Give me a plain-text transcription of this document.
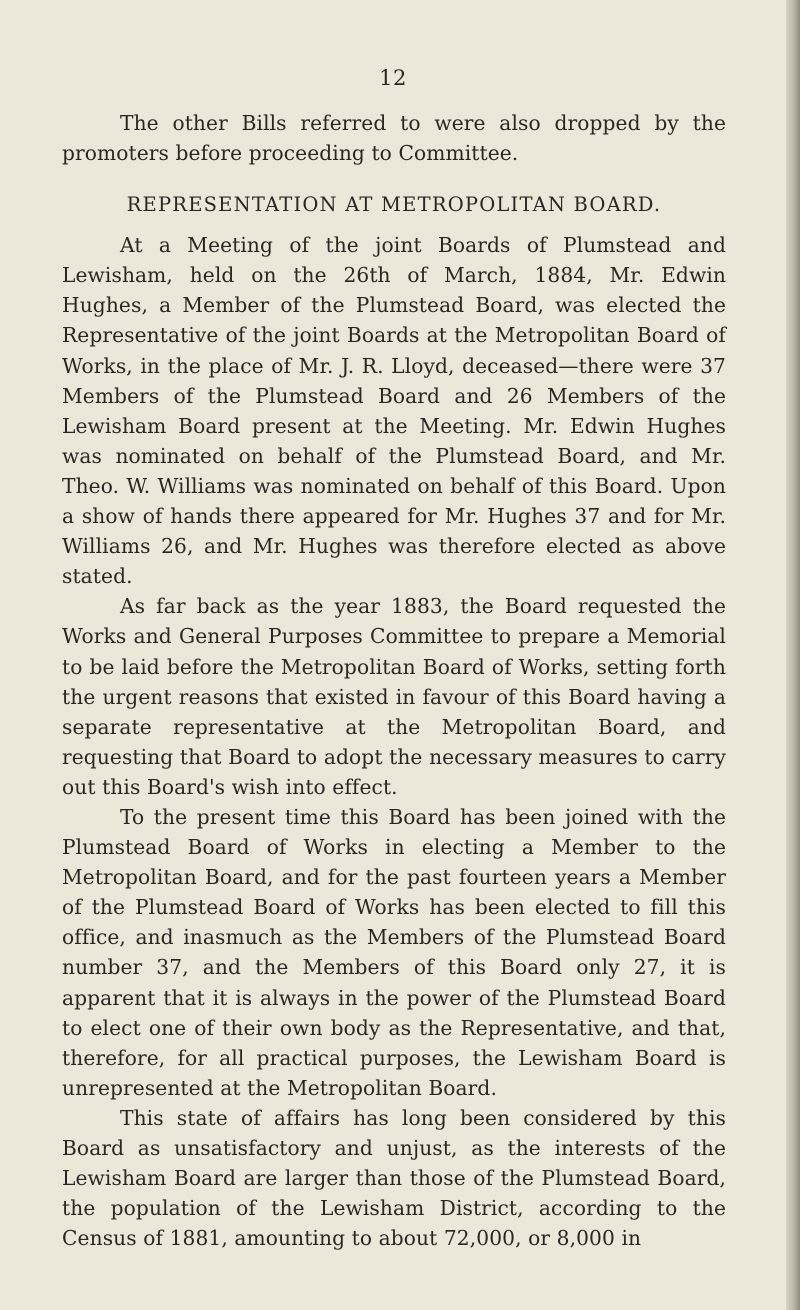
12

The other Bills referred to were also dropped by the promoters before proceeding to Committee.

REPRESENTATION AT METROPOLITAN BOARD.

At a Meeting of the joint Boards of Plumstead and Lewisham, held on the 26th of March, 1884, Mr. Edwin Hughes, a Member of the Plumstead Board, was elected the Representative of the joint Boards at the Metropolitan Board of Works, in the place of Mr. J. R. Lloyd, deceased—there were 37 Members of the Plumstead Board and 26 Members of the Lewisham Board present at the Meeting. Mr. Edwin Hughes was nominated on behalf of the Plumstead Board, and Mr. Theo. W. Williams was nominated on behalf of this Board. Upon a show of hands there appeared for Mr. Hughes 37 and for Mr. Williams 26, and Mr. Hughes was therefore elected as above stated.

As far back as the year 1883, the Board requested the Works and General Purposes Committee to prepare a Memorial to be laid before the Metropolitan Board of Works, setting forth the urgent reasons that existed in favour of this Board having a separate representative at the Metropolitan Board, and requesting that Board to adopt the necessary measures to carry out this Board's wish into effect.

To the present time this Board has been joined with the Plumstead Board of Works in electing a Member to the Metropolitan Board, and for the past fourteen years a Member of the Plumstead Board of Works has been elected to fill this office, and inasmuch as the Members of the Plumstead Board number 37, and the Members of this Board only 27, it is apparent that it is always in the power of the Plumstead Board to elect one of their own body as the Representative, and that, therefore, for all practical purposes, the Lewisham Board is unrepresented at the Metropolitan Board.

This state of affairs has long been considered by this Board as unsatisfactory and unjust, as the interests of the Lewisham Board are larger than those of the Plumstead Board, the population of the Lewisham District, according to the Census of 1881, amounting to about 72,000, or 8,000 in
